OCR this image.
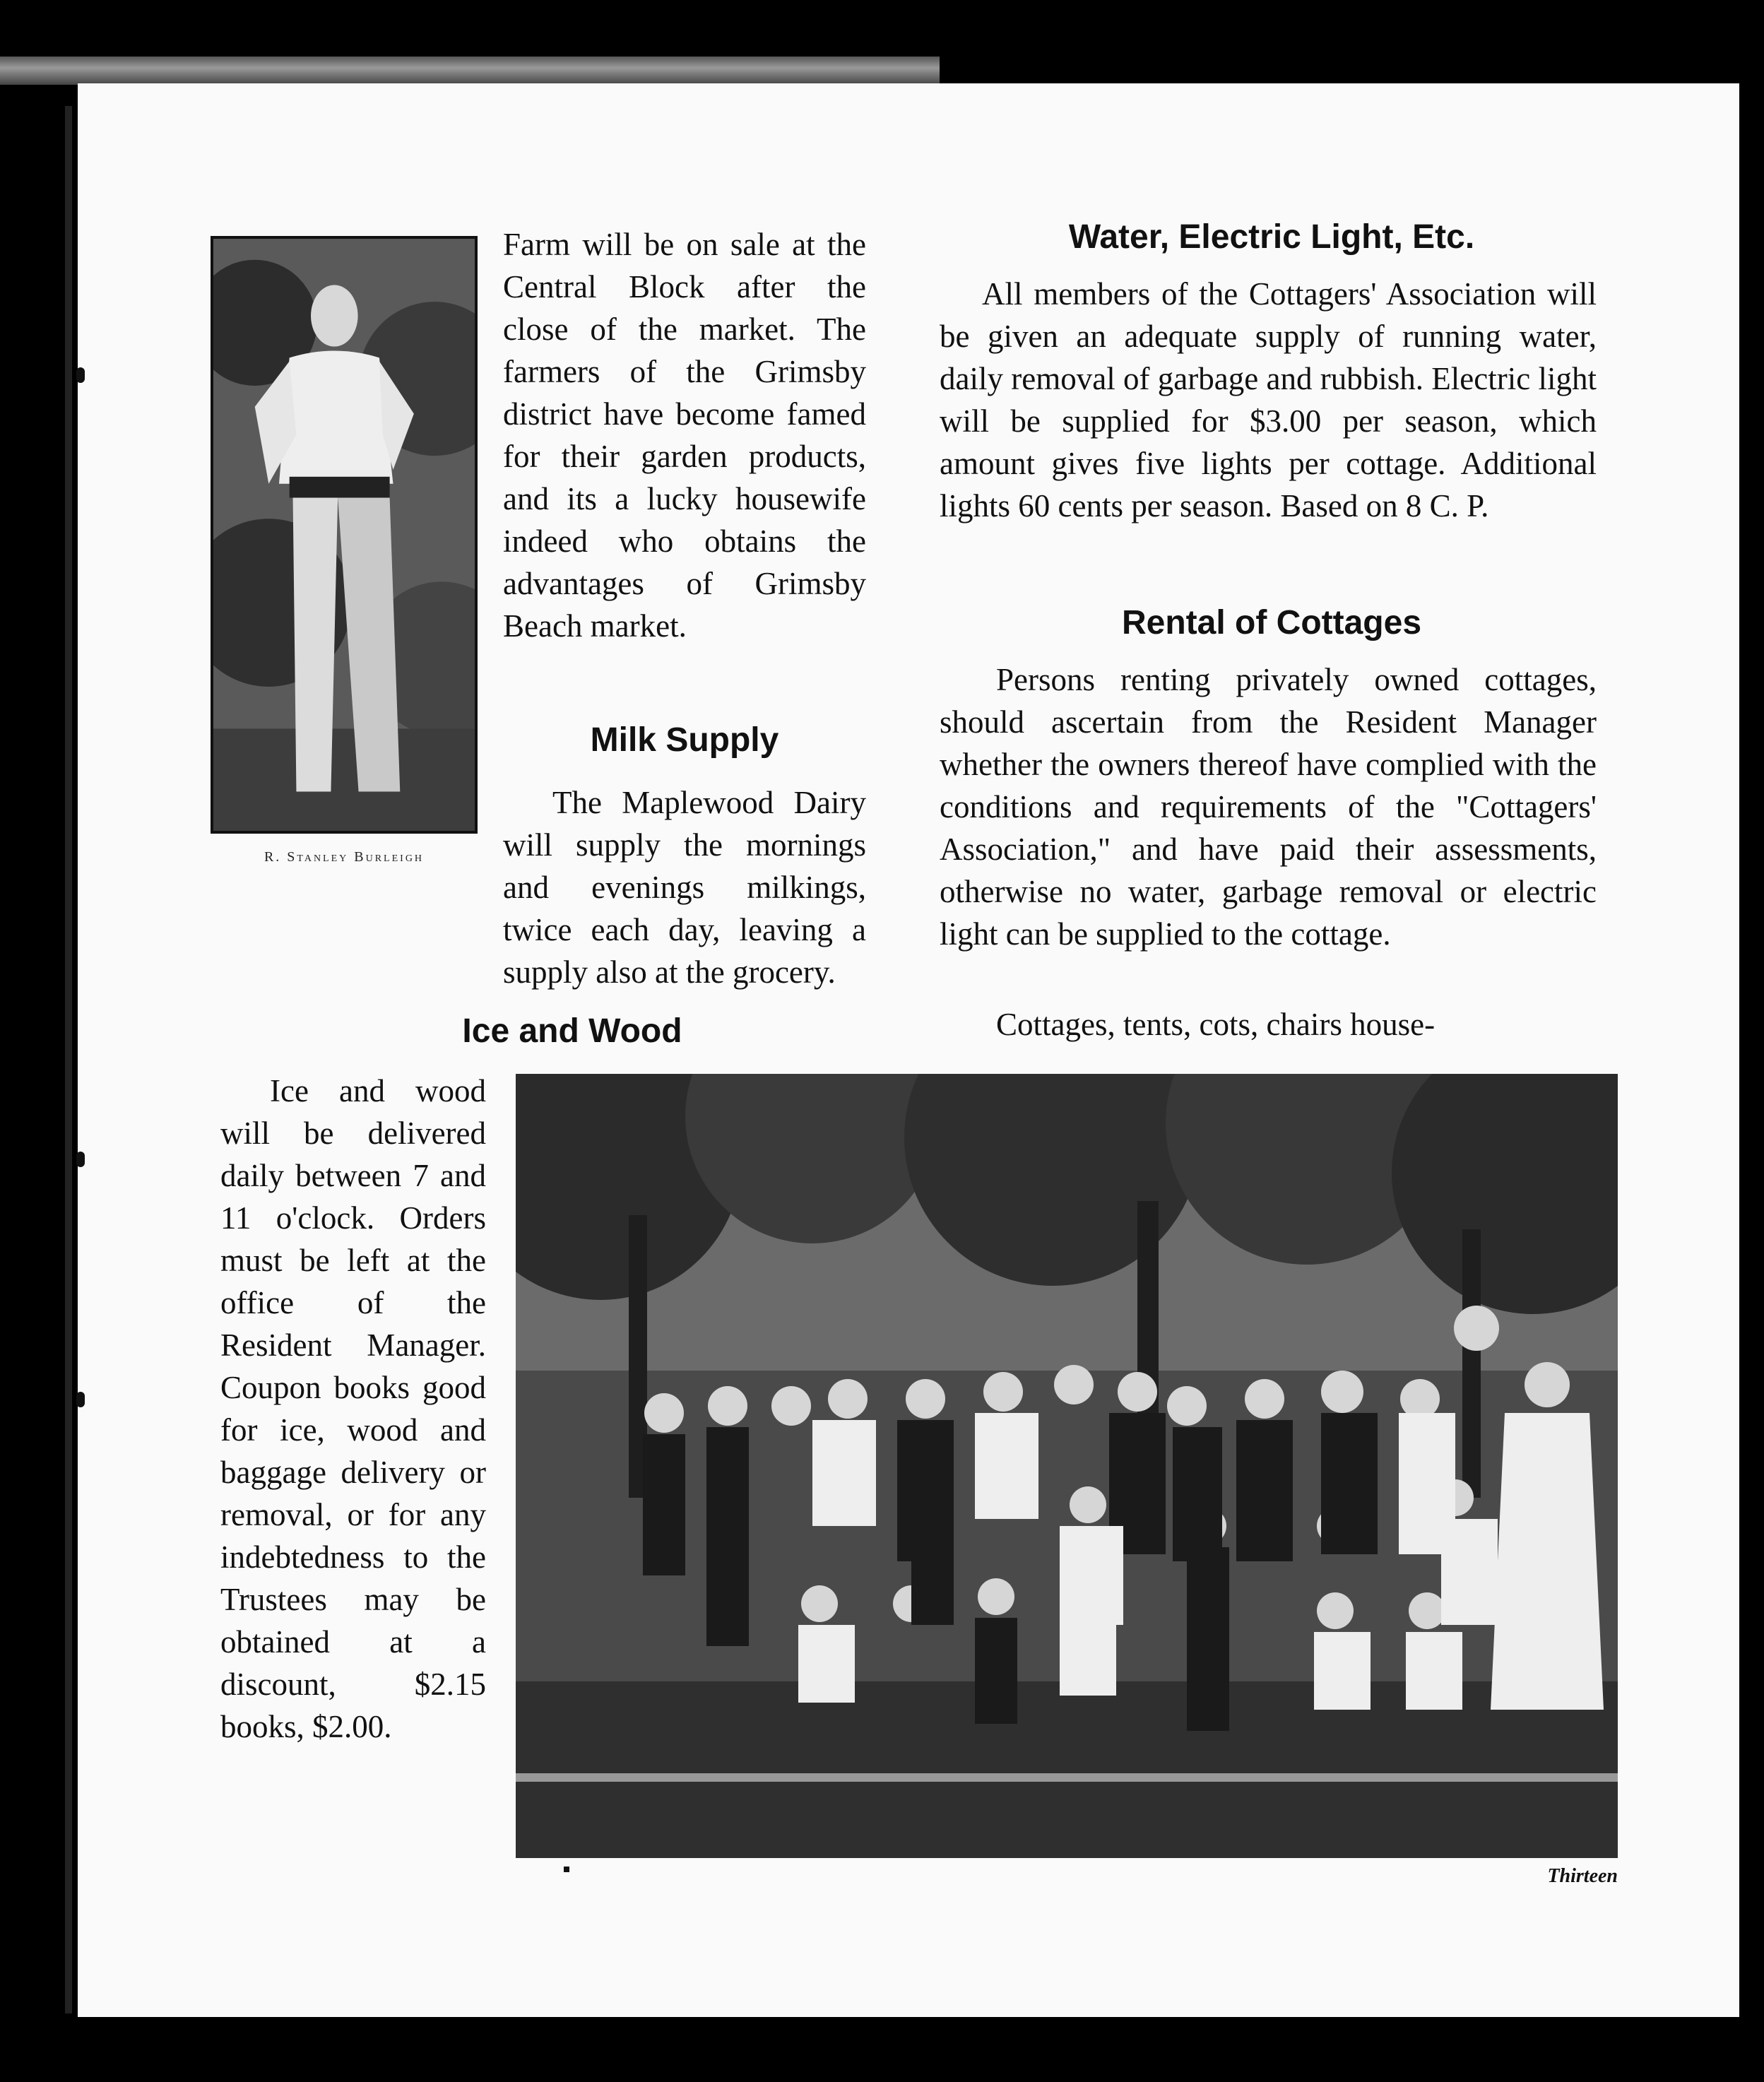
R. Stanley Burleigh
Farm will be on sale at the Central Block after the close of the market. The farmers of the Grimsby district have become famed for their garden products, and its a lucky housewife indeed who obtains the advantages of Grimsby Beach market.
Milk Supply
The Maplewood Dairy will supply the mornings and evenings milkings, twice each day, leaving a supply also at the grocery.
Ice and Wood
Ice and wood will be delivered daily between 7 and 11 o'clock. Orders must be left at the office of the Resident Manager. Coupon books good for ice, wood and baggage delivery or removal, or for any indebtedness to the Trustees may be obtained at a discount, $2.15 books, $2.00.
Water, Electric Light, Etc.
All members of the Cottagers' Association will be given an adequate supply of running water, daily removal of garbage and rubbish. Electric light will be supplied for $3.00 per season, which amount gives five lights per cottage. Additional lights 60 cents per season. Based on 8 C. P.
Rental of Cottages
Persons renting privately owned cottages, should ascertain from the Resident Manager whether the owners thereof have complied with the conditions and requirements of the "Cottagers' Association," and have paid their assessments, otherwise no water, garbage removal or electric light can be supplied to the cottage.
Cottages, tents, cots, chairs house-
Thirteen
